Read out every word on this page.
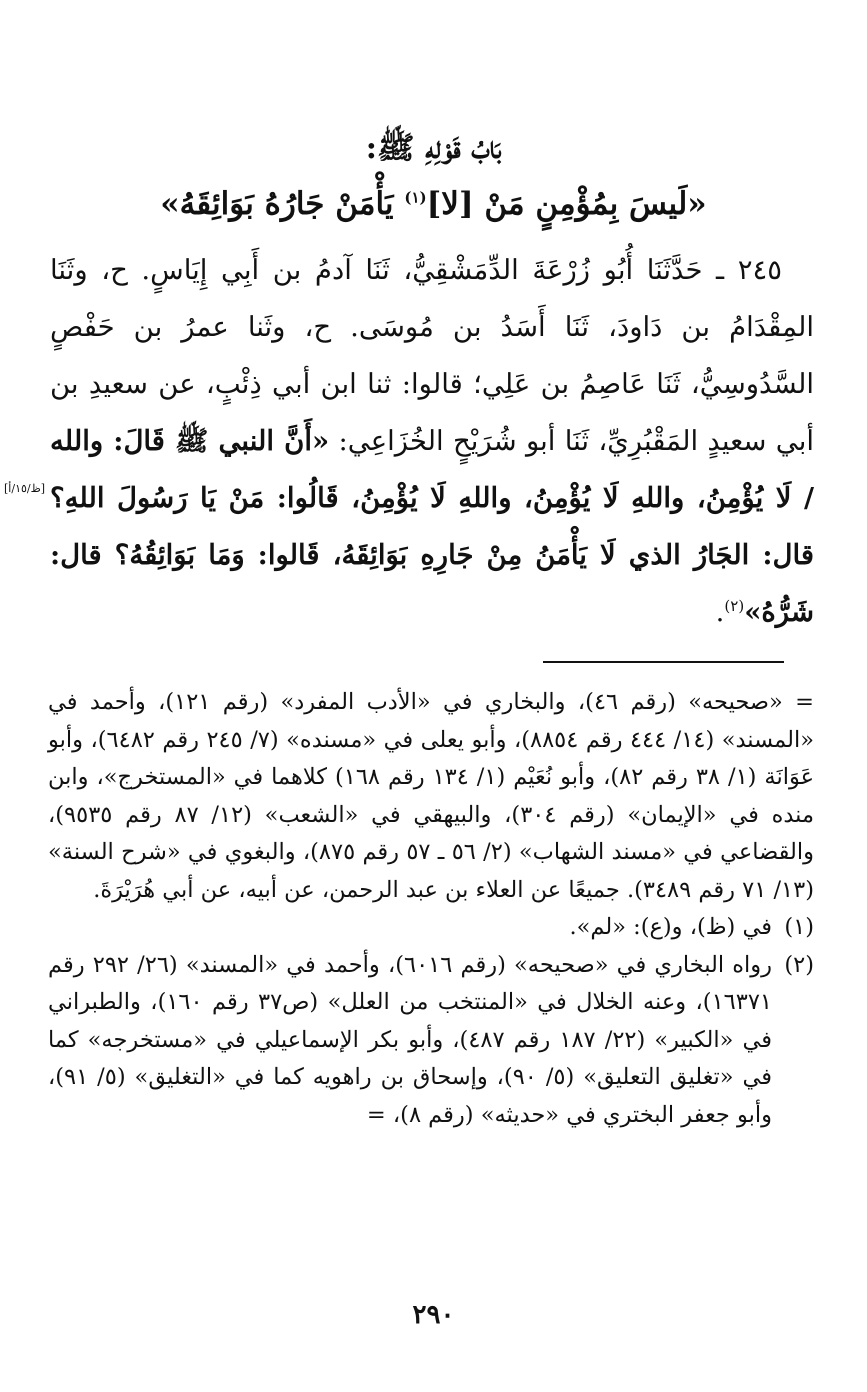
بَابُ قَوْلِهِ ﷺ:
«لَيسَ بِمُؤْمِنٍ مَنْ [لا]$^{(١)}$ يَأْمَنْ جَارُهُ بَوَائِقَهُ»
[ظ/١٥/أ]

٢٤٥ ـ حَدَّثَنَا أُبُو زُرْعَةَ الدِّمَشْقِيُّ، ثَنَا آدمُ بن أَبِي إِيَاسٍ. ح، وثَنَا المِقْدَامُ بن دَاودَ، ثَنَا أَسَدُ بن مُوسَى. ح، وثَنا عمرُ بن حَفْصٍ السَّدُوسِيُّ، ثَنَا عَاصِمُ بن عَلِي؛ قالوا: ثنا ابن أبي ذِئْبٍ، عن سعيدِ بن أبي سعيدٍ المَقْبُرِيِّ، ثَنَا أبو شُرَيْحٍ الخُزَاعِي: «أَنَّ النبي ﷺ قَالَ: والله / لَا يُؤْمِنُ، واللهِ لَا يُؤْمِنُ، واللهِ لَا يُؤْمِنُ، قَالُوا: مَنْ يَا رَسُولَ اللهِ؟ قال: الجَارُ الذي لَا يَأْمَنُ مِنْ جَارِهِ بَوَائِقَهُ، قَالوا: وَمَا بَوَائِقُهُ؟ قال: شَرُّهُ»$^{(٢)}$.

= «صحيحه» (رقم ٤٦)، والبخاري في «الأدب المفرد» (رقم ١٢١)، وأحمد في «المسند» (١٤/ ٤٤٤ رقم ٨٨٥٤)، وأبو يعلى في «مسنده» (٧/ ٢٤٥ رقم ٦٤٨٢)، وأبو عَوَانَة (١/ ٣٨ رقم ٨٢)، وأبو نُعَيْم (١/ ١٣٤ رقم ١٦٨) كلاهما في «المستخرج»، وابن منده في «الإيمان» (رقم ٣٠٤)، والبيهقي في «الشعب» (١٢/ ٨٧ رقم ٩٥٣٥)، والقضاعي في «مسند الشهاب» (٢/ ٥٦ ـ ٥٧ رقم ٨٧٥)، والبغوي في «شرح السنة» (١٣/ ٧١ رقم ٣٤٨٩). جميعًا عن العلاء بن عبد الرحمن، عن أبيه، عن أبي هُرَيْرَةَ.

(١)
في (ظ)، و(ع): «لم».
(٢)
رواه البخاري في «صحيحه» (رقم ٦٠١٦)، وأحمد في «المسند» (٢٦/ ٢٩٢ رقم ١٦٣٧١)، وعنه الخلال في «المنتخب من العلل» (ص٣٧ رقم ١٦٠)، والطبراني في «الكبير» (٢٢/ ١٨٧ رقم ٤٨٧)، وأبو بكر الإسماعيلي في «مستخرجه» كما في «تغليق التعليق» (٥/ ٩٠)، وإسحاق بن راهويه كما في «التغليق» (٥/ ٩١)، وأبو جعفر البختري في «حديثه» (رقم ٨)، =
٢٩٠
